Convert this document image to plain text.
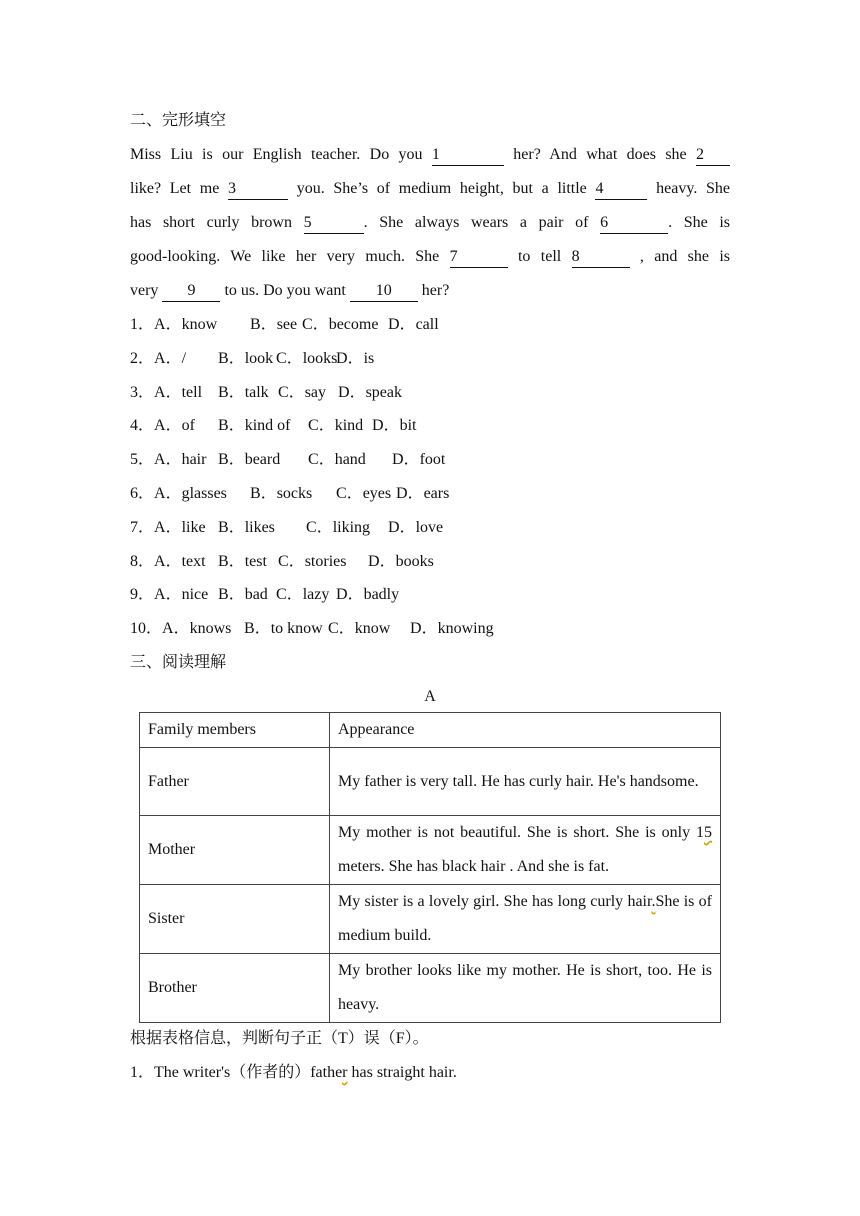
二、完形填空
Miss Liu is our English teacher. Do you 1	her? And what does she 2
like? Let me 3	you. She’s of medium height, but a little 4	heavy. She
has short curly brown 5	. She always wears a pair of 6	. She is
good-looking. We like her very much. She 7	to tell 8	, and she is
very 9 to us. Do you want 10 her?
1．A．know B．see C．become D．call
2．A．/ B．look C．looksD．is
3．A．tell B．talk C．say D．speak
4．A．of B．kind of C．kind D．bit
5．A．hair B．beard C．hand D．foot
6．A．glasses B．socks C．eyes D．ears
7．A．like B．likes C．liking D．love
8．A．text B．test C．stories D．books
9．A．nice B．bad C．lazy D．badly
10．A．knows B．to know C．know D．knowing
三、阅读理解
A
Family members	Appearance
Father	My father is very tall. He has curly hair. He's handsome.

Mother	My mother is not beautiful. She is short. She is only 15 meters. She has black hair . And she is fat.

Sister	My sister is a lovely girl. She has long curly hair.She is of medium build.

Brother	My brother looks like my mother. He is short, too. He is heavy.
根据表格信息，判断句子正（T）误（F）。
1．The writer's（作者的）father has straight hair.
